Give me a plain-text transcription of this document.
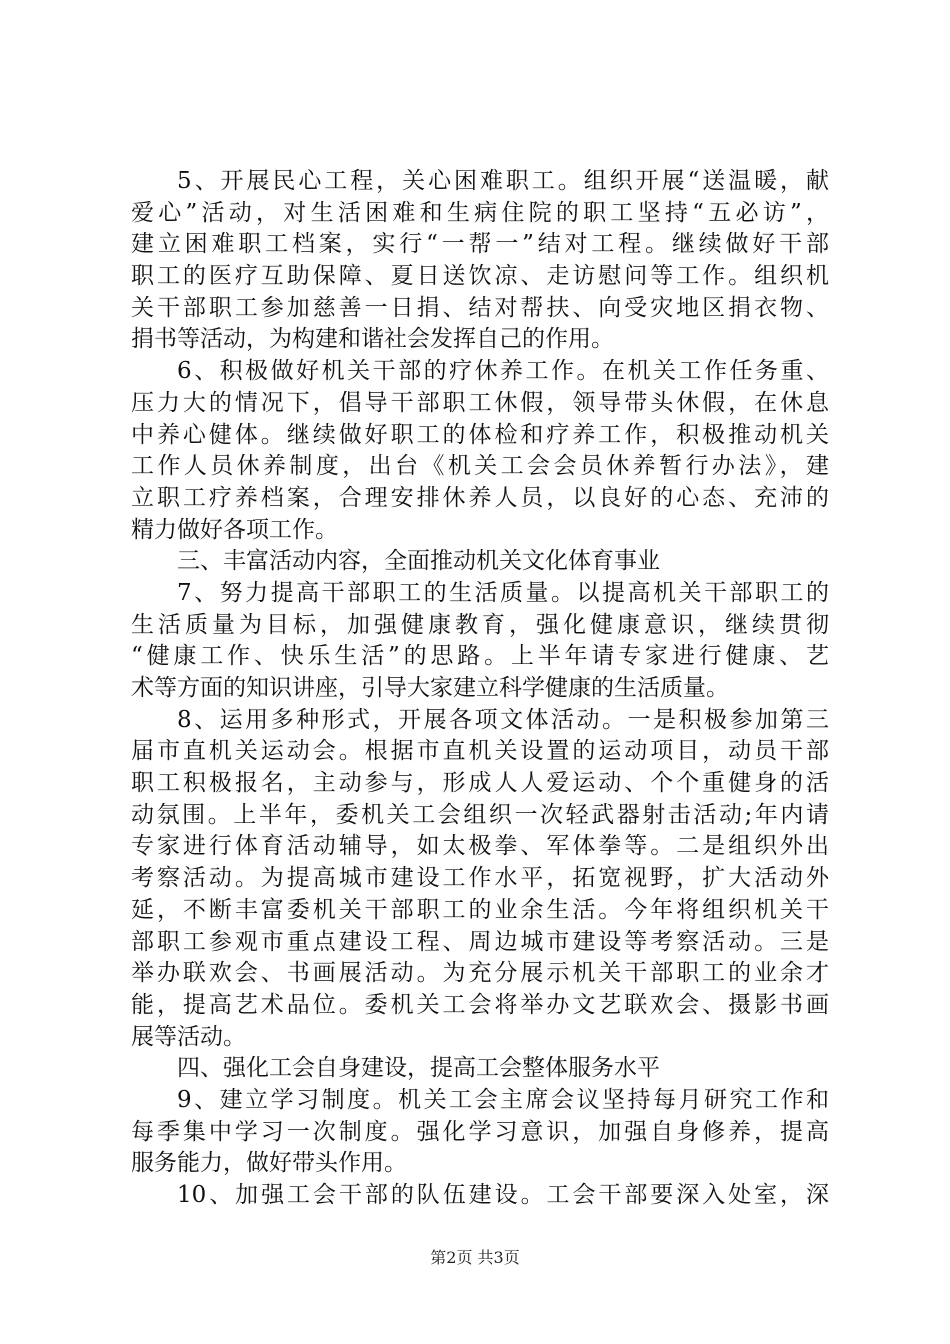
5、开展民心工程，关心困难职工。组织开展“送温暖，献
爱心”活动，对生活困难和生病住院的职工坚持“五必访”，
建立困难职工档案，实行“一帮一”结对工程。继续做好干部
职工的医疗互助保障、夏日送饮凉、走访慰问等工作。组织机
关干部职工参加慈善一日捐、结对帮扶、向受灾地区捐衣物、
捐书等活动，为构建和谐社会发挥自己的作用。
6、积极做好机关干部的疗休养工作。在机关工作任务重、
压力大的情况下，倡导干部职工休假，领导带头休假，在休息
中养心健体。继续做好职工的体检和疗养工作，积极推动机关
工作人员休养制度，出台《机关工会会员休养暂行办法》，建
立职工疗养档案，合理安排休养人员，以良好的心态、充沛的
精力做好各项工作。
三、丰富活动内容，全面推动机关文化体育事业
7、努力提高干部职工的生活质量。以提高机关干部职工的
生活质量为目标，加强健康教育，强化健康意识，继续贯彻
“健康工作、快乐生活”的思路。上半年请专家进行健康、艺
术等方面的知识讲座，引导大家建立科学健康的生活质量。
8、运用多种形式，开展各项文体活动。一是积极参加第三
届市直机关运动会。根据市直机关设置的运动项目，动员干部
职工积极报名，主动参与，形成人人爱运动、个个重健身的活
动氛围。上半年，委机关工会组织一次轻武器射击活动;年内请
专家进行体育活动辅导，如太极拳、军体拳等。二是组织外出
考察活动。为提高城市建设工作水平，拓宽视野，扩大活动外
延，不断丰富委机关干部职工的业余生活。今年将组织机关干
部职工参观市重点建设工程、周边城市建设等考察活动。三是
举办联欢会、书画展活动。为充分展示机关干部职工的业余才
能，提高艺术品位。委机关工会将举办文艺联欢会、摄影书画
展等活动。
四、强化工会自身建设，提高工会整体服务水平
9、建立学习制度。机关工会主席会议坚持每月研究工作和
每季集中学习一次制度。强化学习意识，加强自身修养，提高
服务能力，做好带头作用。
10、加强工会干部的队伍建设。工会干部要深入处室，深
第2页 共3页
